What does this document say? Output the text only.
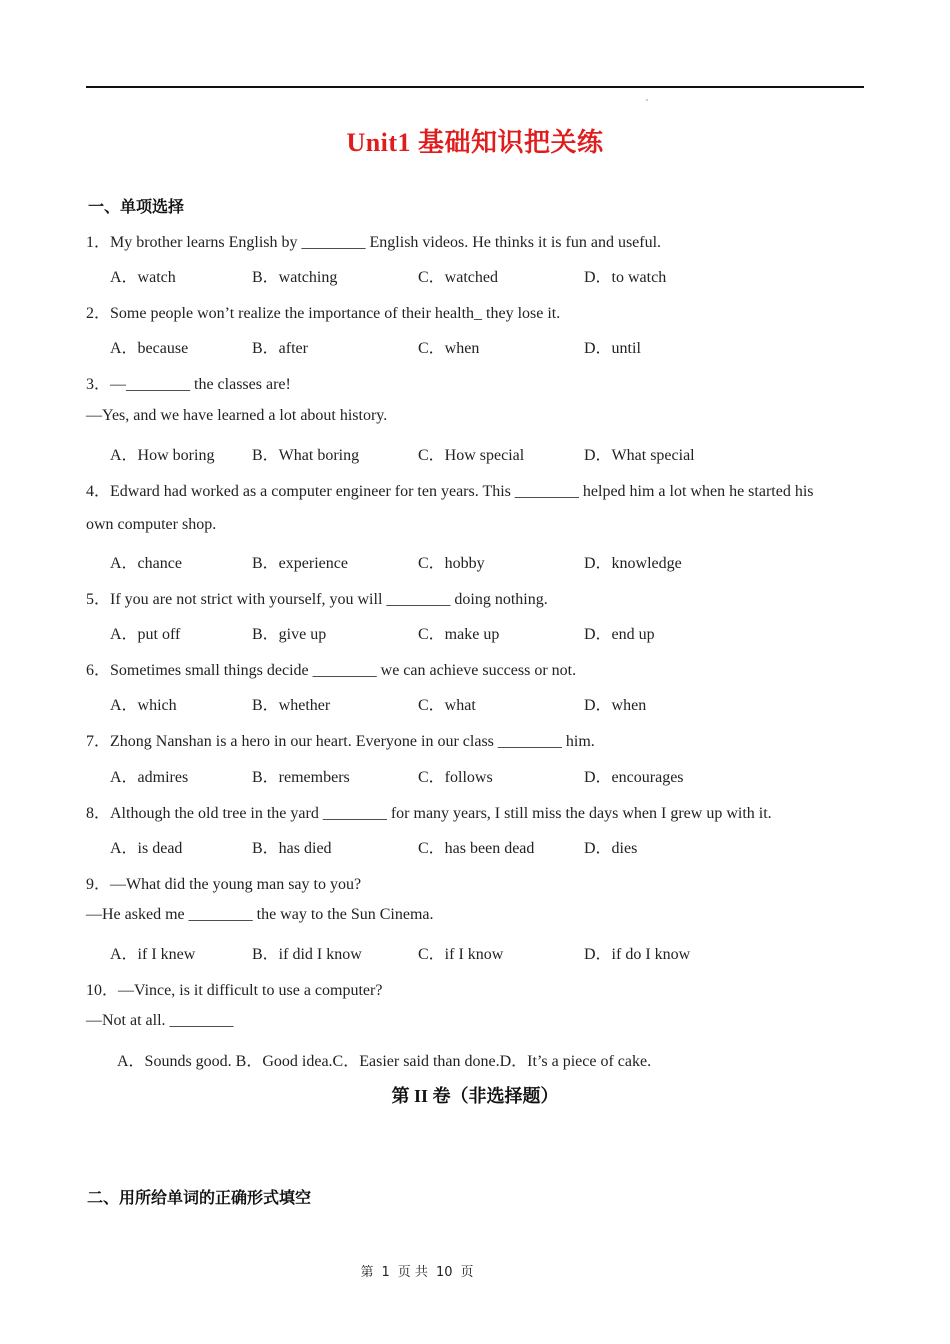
Unit1 基础知识把关练
一、单项选择
1．My brother learns English by ________ English videos. He thinks it is fun and useful.
A．watch	B．watching	C．watched	D．to watch
2．Some people won’t realize the importance of their health_ they lose it.
A．because	B．after	C．when	D．until
3．—________ the classes are!
—Yes, and we have learned a lot about history.
A．How boring B．What boring	C．How special	D．What special
4．Edward had worked as a computer engineer for ten years. This ________ helped him a lot when he started his
own computer shop.
A．chance	B．experience	C．hobby	D．knowledge
5．If you are not strict with yourself, you will ________ doing nothing.
A．put off	B．give up	C．make up	D．end up
6．Sometimes small things decide ________ we can achieve success or not.
A．which	B．whether	C．what	D．when
7．Zhong Nanshan is a hero in our heart. Everyone in our class ________ him.
A．admires	B．remembers	C．follows	D．encourages
8．Although the old tree in the yard ________ for many years, I still miss the days when I grew up with it.
A．is dead	B．has died	C．has been dead	D．dies
9．—What did the young man say to you?
—He asked me ________ the way to the Sun Cinema.
A．if I knew	B．if did I know	C．if I know	D．if do I know
10．—Vince, is it difficult to use a computer?
—Not at all. ________
A．Sounds good. B．Good idea.C．Easier said than done.D．It’s a piece of cake.
第 II 卷（非选择题）
二、用所给单词的正确形式填空
第 1 页 共 10 页
